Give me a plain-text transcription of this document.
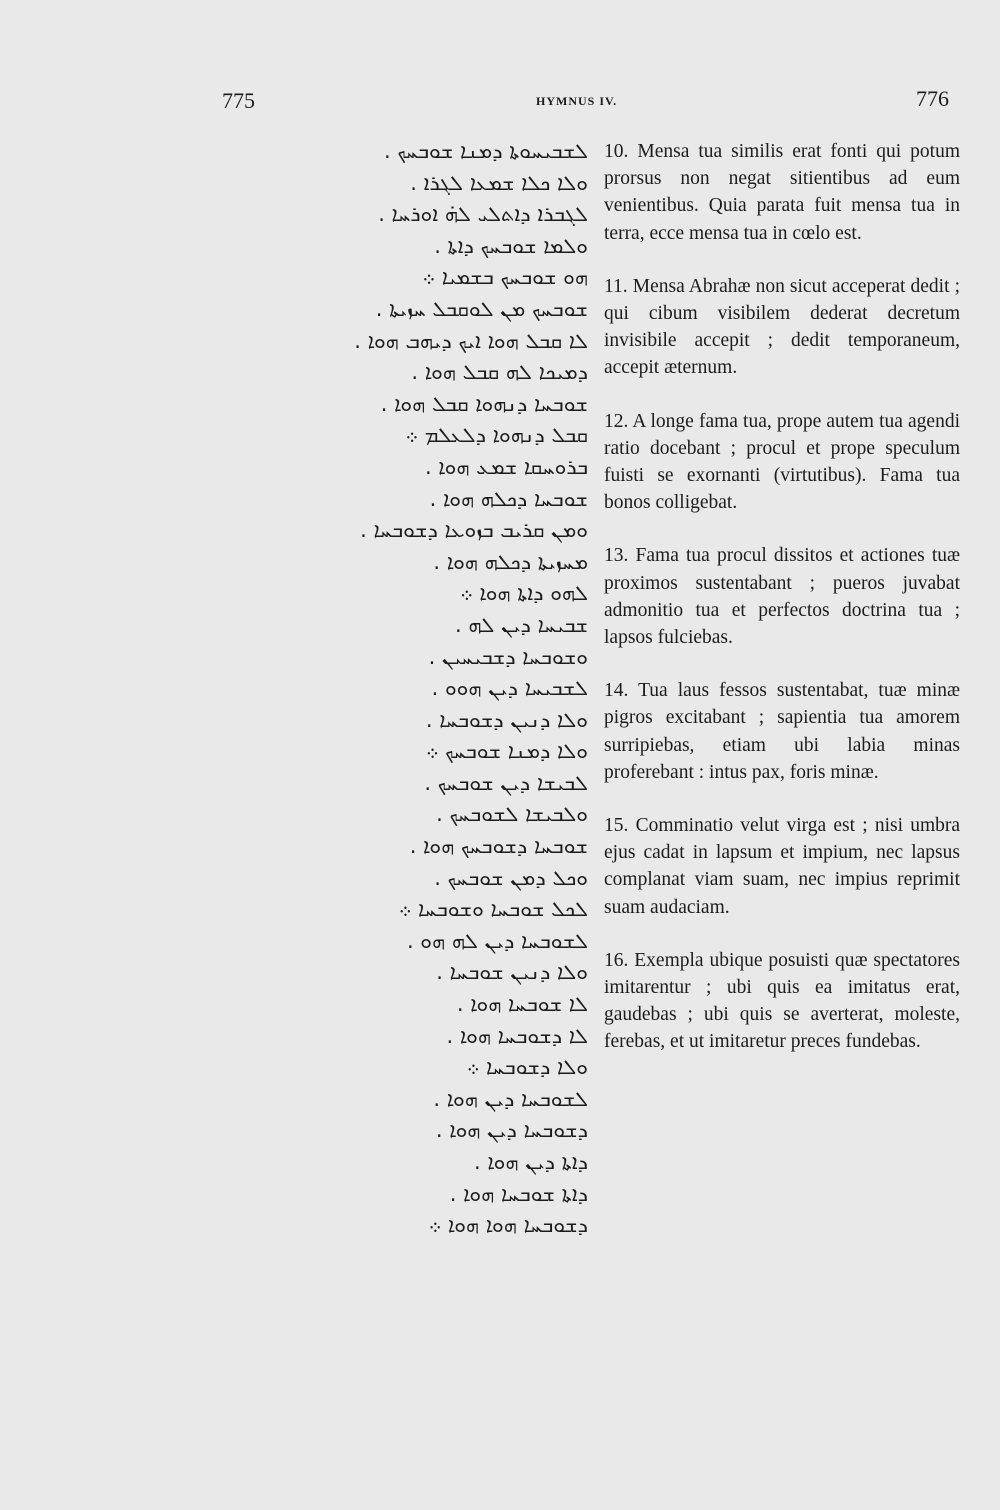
775	HYMNUS IV.	776
ܠܫܒܝܚܘܬܐ ܕܡܢܐ ܫܘܒܚܟ .
ܘܠܐ ܟܠܐ ܫܡܥܐ ܠܓܪܐ .
ܠܓܒܪܐ ܕܐܬܠܝ ܠܗ̇ ܐܘܪܚܐ .
ܘܠܡܐ ܫܘܒܚܟ ܕܐܬܐ .
ܗܘ ܫܘܒܚܟ ܒܫܡܝܐ ܀
ܫܘܒܚܟ ܡܢ ܠܘܩܒܠ ܚܙܝܬܐ .
ܠܐ ܩܒܠ ܗܘܐ ܐܝܟ ܕܝܗܒ ܗܘܐ .
ܕܡܝܟܐ ܠܗ ܩܒܠ ܗܘܐ .
ܫܘܒܚܐ ܕܢܗܘܐ ܩܒܠ ܗܘܐ .
ܩܒܠ ܕܢܗܘܐ ܕܠܥܠܡ ܀
ܒܪܘܚܩܐ ܫܡܥ ܗܘܐ .
ܫܘܒܚܐ ܕܟܠܗ ܗܘܐ .
ܘܡܢ ܩܪܝܒ ܒܙܘܥܐ ܕܫܘܒܚܐ .
ܡܚܙܝܬܐ ܕܟܠܗ ܗܘܐ .
ܠܗܘ ܕܐܬܐ ܗܘܐ ܀
ܫܒܝܚܐ ܕܝܢ ܠܗ .
ܘܫܘܒܚܐ ܕܫܒܝܚܝܢ .
ܠܫܒܝܚܐ ܕܝܢ ܗܘܘ .
ܘܠܐ ܕܢܝܢ ܕܫܘܒܚܐ .
ܘܠܐ ܕܡܢܐ ܫܘܒܚܟ ܀
ܠܒܝܫܐ ܕܝܢ ܫܘܒܚܟ .
ܘܠܒܝܫܐ ܠܫܘܒܚܟ .
ܫܘܒܚܐ ܕܫܘܒܚܟ ܗܘܐ .
ܘܟܠ ܕܡܢ ܫܘܒܚܟ .
ܠܟܠ ܫܘܒܚܐ ܘܫܘܒܚܐ ܀
ܠܫܘܒܚܐ ܕܝܢ ܠܗ ܗܘ .
ܘܠܐ ܕܢܝܢ ܫܘܒܚܐ .
ܠܐ ܫܘܒܚܐ ܗܘܐ .
ܠܐ ܕܫܘܒܚܐ ܗܘܐ .
ܘܠܐ ܕܫܘܒܚܐ ܀
ܠܫܘܒܚܐ ܕܝܢ ܗܘܐ .
ܕܫܘܒܚܐ ܕܝܢ ܗܘܐ .
ܕܐܬܐ ܕܝܢ ܗܘܐ .
ܕܐܬܐ ܫܘܒܚܐ ܗܘܐ .
ܕܫܘܒܚܐ ܗܘܐ ܗܘܐ ܀

10. Mensa tua similis erat fonti qui potum prorsus non negat sitientibus ad eum venientibus. Quia parata fuit mensa tua in terra, ecce mensa tua in cœlo est.

11. Mensa Abrahæ non sicut acceperat dedit ; qui cibum visibilem dederat decretum invisibile accepit ; dedit temporaneum, accepit æternum.

12. A longe fama tua, prope autem tua agendi ratio docebant ; procul et prope speculum fuisti se exornanti (virtutibus). Fama tua bonos colligebat.

13. Fama tua procul dissitos et actiones tuæ proximos sustentabant ; pueros juvabat admonitio tua et perfectos doctrina tua ; lapsos fulciebas.

14. Tua laus fessos sustentabat, tuæ minæ pigros excitabant ; sapientia tua amorem surripiebas, etiam ubi labia minas proferebant : intus pax, foris minæ.

15. Comminatio velut virga est ; nisi umbra ejus cadat in lapsum et impium, nec lapsus complanat viam suam, nec impius reprimit suam audaciam.

16. Exempla ubique posuisti quæ spectatores imitarentur ; ubi quis ea imitatus erat, gaudebas ; ubi quis se averterat, moleste, ferebas, et ut imitaretur preces fundebas.
